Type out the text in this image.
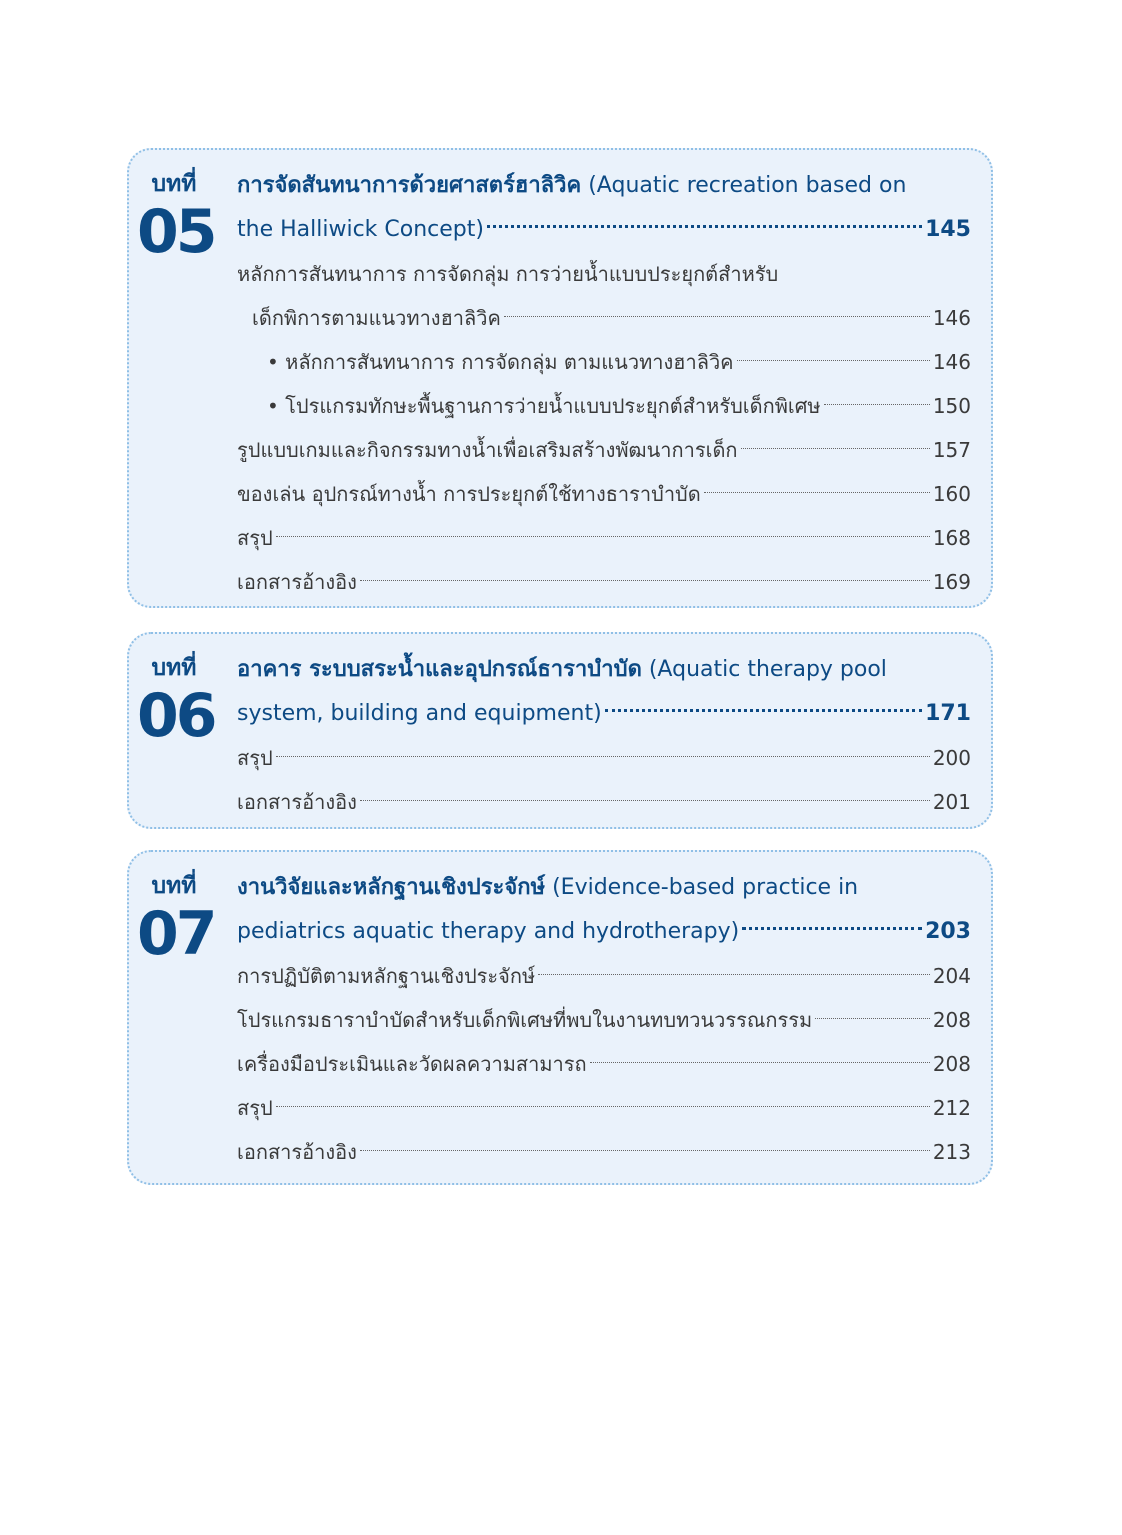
บทที่
05
การจัดสันทนาการด้วยศาสตร์ฮาลิวิค (Aquatic recreation based on
the Halliwick Concept)	145
หลักการสันทนาการ การจัดกลุ่ม การว่ายน้ำแบบประยุกต์สำหรับ
เด็กพิการตามแนวทางฮาลิวิค	146
• หลักการสันทนาการ การจัดกลุ่ม ตามแนวทางฮาลิวิค	146
• โปรแกรมทักษะพื้นฐานการว่ายน้ำแบบประยุกต์สำหรับเด็กพิเศษ	150
รูปแบบเกมและกิจกรรมทางน้ำเพื่อเสริมสร้างพัฒนาการเด็ก	157
ของเล่น อุปกรณ์ทางน้ำ การประยุกต์ใช้ทางธาราบำบัด	160
สรุป	168
เอกสารอ้างอิง	169
บทที่
06
อาคาร ระบบสระน้ำและอุปกรณ์ธาราบำบัด (Aquatic therapy pool
system, building and equipment)	171
สรุป	200
เอกสารอ้างอิง	201
บทที่
07
งานวิจัยและหลักฐานเชิงประจักษ์ (Evidence-based practice in
pediatrics aquatic therapy and hydrotherapy)	203
การปฏิบัติตามหลักฐานเชิงประจักษ์	204
โปรแกรมธาราบำบัดสำหรับเด็กพิเศษที่พบในงานทบทวนวรรณกรรม	208
เครื่องมือประเมินและวัดผลความสามารถ	208
สรุป	212
เอกสารอ้างอิง	213
